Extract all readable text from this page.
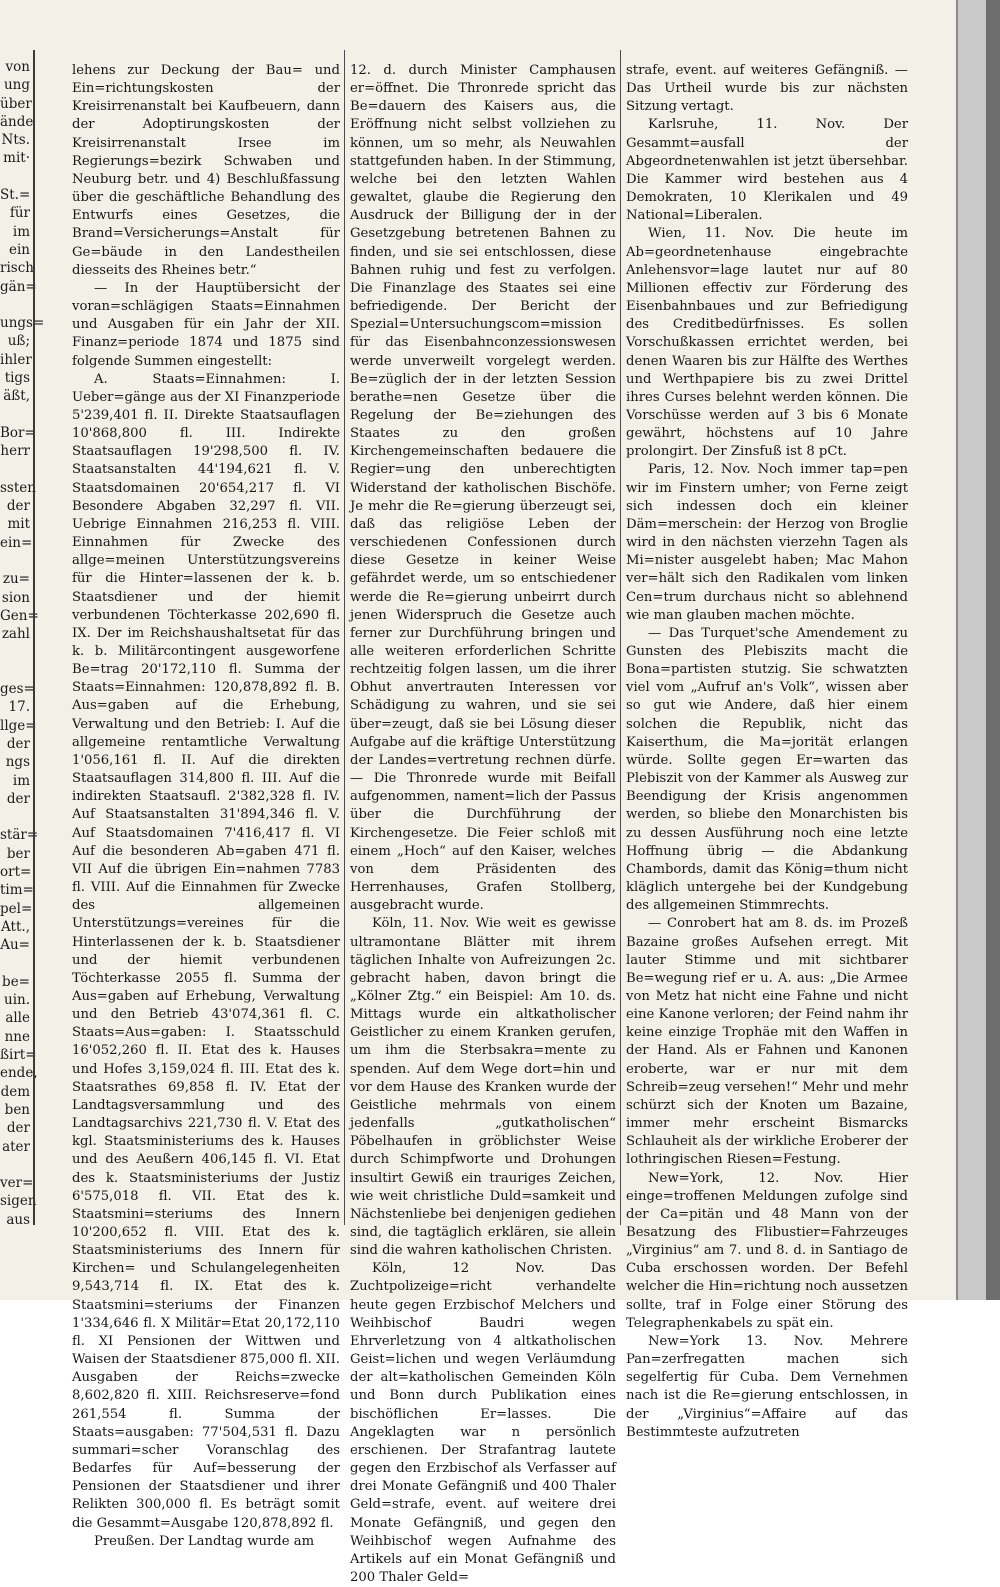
von
ung
über
ände
Nts.
mit·

St.=
für
im
ein
risch
gän=

ungs=
uß;
ihler
tigs
äßt,

Bor=
herr

ssten
der
mit
ein=

zu=
sion
Gen=
zahl

ges=
17.
llge=
der
ngs
im
der

stär=
ber
ort=
tim=
pel=
Att.,
Au=

be=
uin.
alle
nne
ßirt=
ende,
dem
ben
der
ater

ver=
sigen
aus

lehens zur Deckung der Bau= und Ein=richtungskosten der Kreisirrenanstalt bei Kaufbeuern, dann der Adoptirungskosten der Kreisirrenanstalt Irsee im Regierungs=bezirk Schwaben und Neuburg betr. und 4) Beschlußfassung über die geschäftliche Behandlung des Entwurfs eines Gesetzes, die Brand=Versicherungs=Anstalt für Ge=bäude in den Landestheilen diesseits des Rheines betr.“

— In der Hauptübersicht der voran=schlägigen Staats=Einnahmen und Ausgaben für ein Jahr der XII. Finanz=periode 1874 und 1875 sind folgende Summen eingestellt:

A. Staats=Einnahmen: I. Ueber=gänge aus der XI Finanzperiode 5'239,401 fl. II. Direkte Staatsauflagen 10'868,800 fl. III. Indirekte Staatsauflagen 19'298,500 fl. IV. Staatsanstalten 44'194,621 fl. V. Staatsdomainen 20'654,217 fl. VI Besondere Abgaben 32,297 fl. VII. Uebrige Einnahmen 216,253 fl. VIII. Einnahmen für Zwecke des allge=meinen Unterstützungsvereins für die Hinter=lassenen der k. b. Staatsdiener und der hiemit verbundenen Töchterkasse 202,690 fl. IX. Der im Reichshaushaltsetat für das k. b. Militärcontingent ausgeworfene Be=trag 20'172,110 fl. Summa der Staats=Einnahmen: 120,878,892 fl. B. Aus=gaben auf die Erhebung, Verwaltung und den Betrieb: I. Auf die allgemeine rentamtliche Verwaltung 1'056,161 fl. II. Auf die direkten Staatsauflagen 314,800 fl. III. Auf die indirekten Staatsaufl. 2'382,328 fl. IV. Auf Staatsanstalten 31'894,346 fl. V. Auf Staatsdomainen 7'416,417 fl. VI Auf die besonderen Ab=gaben 471 fl. VII Auf die übrigen Ein=nahmen 7783 fl. VIII. Auf die Einnahmen für Zwecke des allgemeinen Unterstützungs=vereines für die Hinterlassenen der k. b. Staatsdiener und der hiemit verbundenen Töchterkasse 2055 fl. Summa der Aus=gaben auf Erhebung, Verwaltung und den Betrieb 43'074,361 fl. C. Staats=Aus=gaben: I. Staatsschuld 16'052,260 fl. II. Etat des k. Hauses und Hofes 3,159,024 fl. III. Etat des k. Staatsrathes 69,858 fl. IV. Etat der Landtagsversammlung und des Landtagsarchivs 221,730 fl. V. Etat des kgl. Staatsministeriums des k. Hauses und des Aeußern 406,145 fl. VI. Etat des k. Staatsministeriums der Justiz 6'575,018 fl. VII. Etat des k. Staatsmini=steriums des Innern 10'200,652 fl. VIII. Etat des k. Staatsministeriums des Innern für Kirchen= und Schulangelegenheiten 9,543,714 fl. IX. Etat des k. Staatsmini=steriums der Finanzen 1'334,646 fl. X Militär=Etat 20,172,110 fl. XI Pensionen der Wittwen und Waisen der Staatsdiener 875,000 fl. XII. Ausgaben der Reichs=zwecke 8,602,820 fl. XIII. Reichsreserve=fond 261,554 fl. Summa der Staats=ausgaben: 77'504,531 fl. Dazu summari=scher Voranschlag des Bedarfes für Auf=besserung der Pensionen der Staatsdiener und ihrer Relikten 300,000 fl. Es beträgt somit die Gesammt=Ausgabe 120,878,892 fl.

Preußen. Der Landtag wurde am

12. d. durch Minister Camphausen er=öffnet. Die Thronrede spricht das Be=dauern des Kaisers aus, die Eröffnung nicht selbst vollziehen zu können, um so mehr, als Neuwahlen stattgefunden haben. In der Stimmung, welche bei den letzten Wahlen gewaltet, glaube die Regierung den Ausdruck der Billigung der in der Gesetzgebung betretenen Bahnen zu finden, und sie sei entschlossen, diese Bahnen ruhig und fest zu verfolgen. Die Finanzlage des Staates sei eine befriedigende. Der Bericht der Spezial=Untersuchungscom=mission für das Eisenbahnconzessionswesen werde unverweilt vorgelegt werden. Be=züglich der in der letzten Session berathe=nen Gesetze über die Regelung der Be=ziehungen des Staates zu den großen Kirchengemeinschaften bedauere die Regier=ung den unberechtigten Widerstand der katholischen Bischöfe. Je mehr die Re=gierung überzeugt sei, daß das religiöse Leben der verschiedenen Confessionen durch diese Gesetze in keiner Weise gefährdet werde, um so entschiedener werde die Re=gierung unbeirrt durch jenen Widerspruch die Gesetze auch ferner zur Durchführung bringen und alle weiteren erforderlichen Schritte rechtzeitig folgen lassen, um die ihrer Obhut anvertrauten Interessen vor Schädigung zu wahren, und sie sei über=zeugt, daß sie bei Lösung dieser Aufgabe auf die kräftige Unterstützung der Landes=vertretung rechnen dürfe. — Die Thronrede wurde mit Beifall aufgenommen, nament=lich der Passus über die Durchführung der Kirchengesetze. Die Feier schloß mit einem „Hoch“ auf den Kaiser, welches von dem Präsidenten des Herrenhauses, Grafen Stollberg, ausgebracht wurde.

Köln, 11. Nov. Wie weit es gewisse ultramontane Blätter mit ihrem täglichen Inhalte von Aufreizungen 2c. gebracht haben, davon bringt die „Kölner Ztg.“ ein Beispiel: Am 10. ds. Mittags wurde ein altkatholischer Geistlicher zu einem Kranken gerufen, um ihm die Sterbsakra=mente zu spenden. Auf dem Wege dort=hin und vor dem Hause des Kranken wurde der Geistliche mehrmals von einem jedenfalls „gutkatholischen“ Pöbelhaufen in gröblichster Weise durch Schimpfworte und Drohungen insultirt Gewiß ein trauriges Zeichen, wie weit christliche Duld=samkeit und Nächstenliebe bei denjenigen gediehen sind, die tagtäglich erklären, sie allein sind die wahren katholischen Christen.

Köln, 12 Nov. Das Zuchtpolizeige=richt verhandelte heute gegen Erzbischof Melchers und Weihbischof Baudri wegen Ehrverletzung von 4 altkatholischen Geist=lichen und wegen Verläumdung der alt=katholischen Gemeinden Köln und Bonn durch Publikation eines bischöflichen Er=lasses. Die Angeklagten war n persönlich erschienen. Der Strafantrag lautete gegen den Erzbischof als Verfasser auf drei Monate Gefängniß und 400 Thaler Geld=strafe, event. auf weitere drei Monate Gefängniß, und gegen den Weihbischof wegen Aufnahme des Artikels auf ein Monat Gefängniß und 200 Thaler Geld=

strafe, event. auf weiteres Gefängniß. — Das Urtheil wurde bis zur nächsten Sitzung vertagt.

Karlsruhe, 11. Nov. Der Gesammt=ausfall der Abgeordnetenwahlen ist jetzt übersehbar. Die Kammer wird bestehen aus 4 Demokraten, 10 Klerikalen und 49 National=Liberalen.

Wien, 11. Nov. Die heute im Ab=geordnetenhause eingebrachte Anlehensvor=lage lautet nur auf 80 Millionen effectiv zur Förderung des Eisenbahnbaues und zur Befriedigung des Creditbedürfnisses. Es sollen Vorschußkassen errichtet werden, bei denen Waaren bis zur Hälfte des Werthes und Werthpapiere bis zu zwei Drittel ihres Curses belehnt werden können. Die Vorschüsse werden auf 3 bis 6 Monate gewährt, höchstens auf 10 Jahre prolongirt. Der Zinsfuß ist 8 pCt.

Paris, 12. Nov. Noch immer tap=pen wir im Finstern umher; von Ferne zeigt sich indessen doch ein kleiner Däm=merschein: der Herzog von Broglie wird in den nächsten vierzehn Tagen als Mi=nister ausgelebt haben; Mac Mahon ver=hält sich den Radikalen vom linken Cen=trum durchaus nicht so ablehnend wie man glauben machen möchte.

— Das Turquet'sche Amendement zu Gunsten des Plebiszits macht die Bona=partisten stutzig. Sie schwatzten viel vom „Aufruf an's Volk“, wissen aber so gut wie Andere, daß hier einem solchen die Republik, nicht das Kaiserthum, die Ma=jorität erlangen würde. Sollte gegen Er=warten das Plebiszit von der Kammer als Ausweg zur Beendigung der Krisis angenommen werden, so bliebe den Monarchisten bis zu dessen Ausführung noch eine letzte Hoffnung übrig — die Abdankung Chambords, damit das König=thum nicht kläglich untergehe bei der Kundgebung des allgemeinen Stimmrechts.

— Conrobert hat am 8. ds. im Prozeß Bazaine großes Aufsehen erregt. Mit lauter Stimme und mit sichtbarer Be=wegung rief er u. A. aus: „Die Armee von Metz hat nicht eine Fahne und nicht eine Kanone verloren; der Feind nahm ihr keine einzige Trophäe mit den Waffen in der Hand. Als er Fahnen und Kanonen eroberte, war er nur mit dem Schreib=zeug versehen!“ Mehr und mehr schürzt sich der Knoten um Bazaine, immer mehr erscheint Bismarcks Schlauheit als der wirkliche Eroberer der lothringischen Riesen=Festung.

New=York, 12. Nov. Hier einge=troffenen Meldungen zufolge sind der Ca=pitän und 48 Mann von der Besatzung des Flibustier=Fahrzeuges „Virginius“ am 7. und 8. d. in Santiago de Cuba erschossen worden. Der Befehl welcher die Hin=richtung noch aussetzen sollte, traf in Folge einer Störung des Telegraphenkabels zu spät ein.

New=York 13. Nov. Mehrere Pan=zerfregatten machen sich segelfertig für Cuba. Dem Vernehmen nach ist die Re=gierung entschlossen, in der „Virginius“=Affaire auf das Bestimmteste aufzutreten
